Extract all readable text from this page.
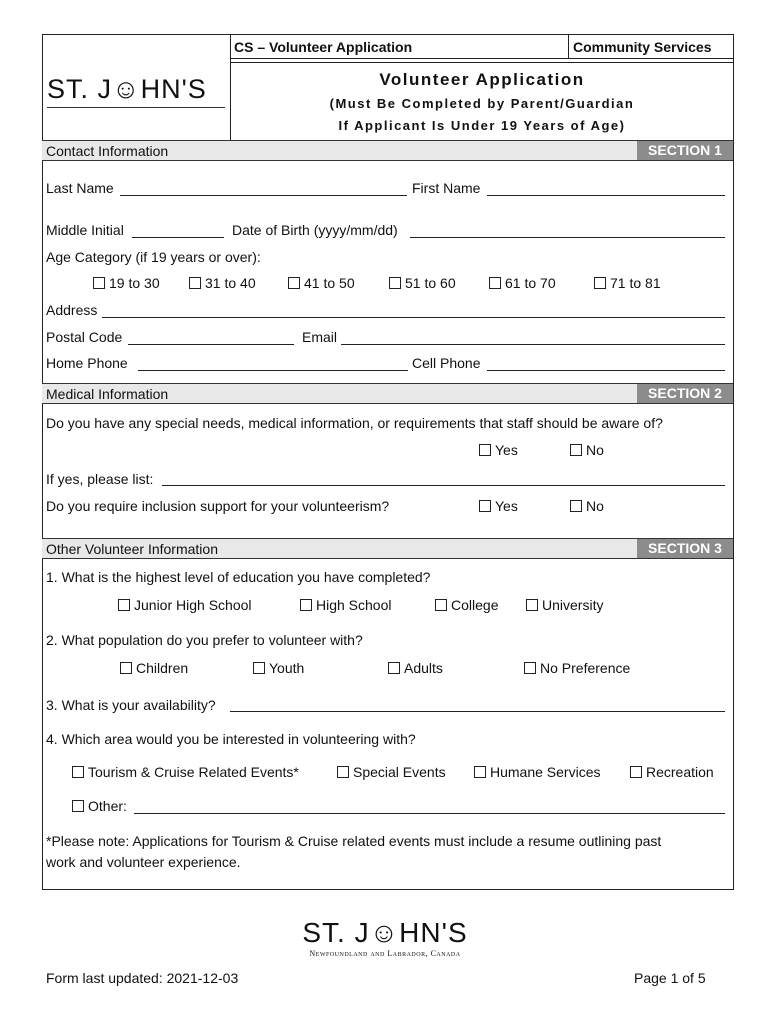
CS – Volunteer Application	Community Services
ST. J☺HN'S	Volunteer Application
(Must Be Completed by Parent/Guardian
If Applicant Is Under 19 Years of Age)
Contact Information	SECTION 1
Last Name	First Name
Middle Initial	Date of Birth (yyyy/mm/dd)
Age Category (if 19 years or over):
19 to 30	31 to 40	41 to 50	51 to 60	61 to 70	71 to 81
Address
Postal Code	Email
Home Phone	Cell Phone
Medical Information	SECTION 2
Do you have any special needs, medical information, or requirements that staff should be aware of?
Yes	No
If yes, please list:
Do you require inclusion support for your volunteerism?	Yes	No
Other Volunteer Information	SECTION 3
1. What is the highest level of education you have completed?
Junior High School	High School	College	University
2. What population do you prefer to volunteer with?
Children	Youth	Adults	No Preference
3. What is your availability?
4. Which area would you be interested in volunteering with?
Tourism & Cruise Related Events*	Special Events	Humane Services	Recreation
Other:
*Please note: Applications for Tourism & Cruise related events must include a resume outlining past
work and volunteer experience.
ST. J☺HN'S
Newfoundland and Labrador, Canada
Form last updated: 2021-12-03	Page 1 of 5
